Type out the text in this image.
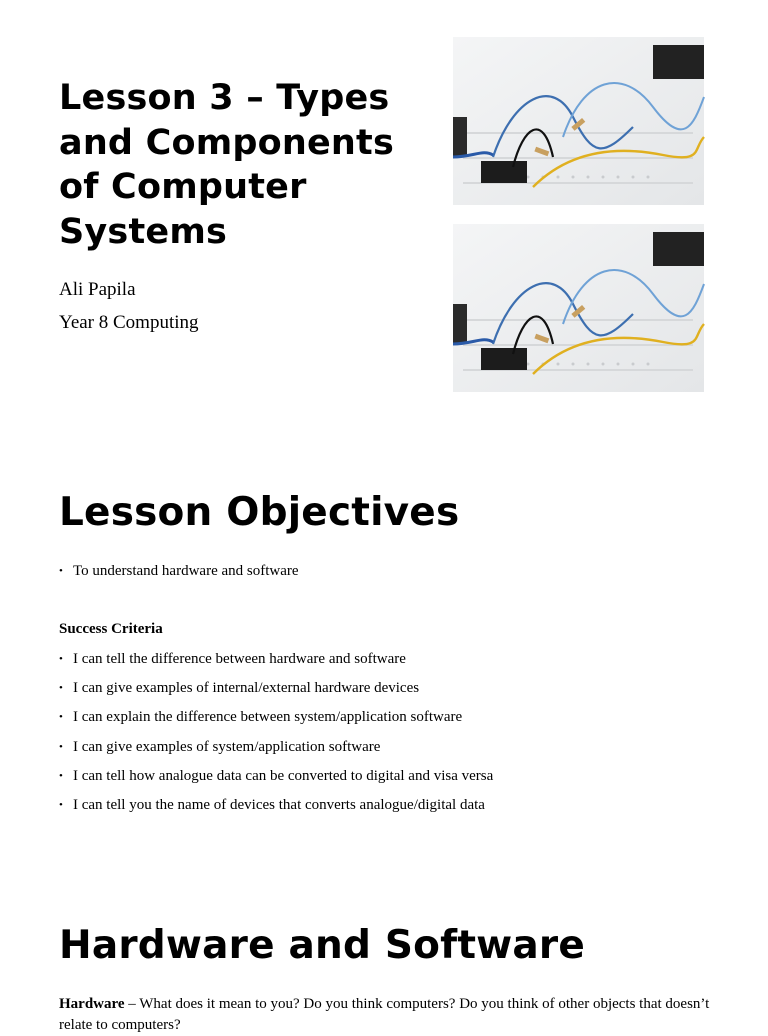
Lesson 3 – Types and Components of Computer Systems
Ali Papila
Year 8 Computing
Lesson Objectives
• To understand hardware and software
Success Criteria
• I can tell the difference between hardware and software
• I can give examples of internal/external hardware devices
• I can explain the difference between system/application software
• I can give examples of system/application software
• I can tell how analogue data can be converted to digital and visa versa
• I can tell you the name of devices that converts analogue/digital data
Hardware and Software

Hardware – What does it mean to you? Do you think computers? Do you think of other objects that doesn’t relate to computers?
